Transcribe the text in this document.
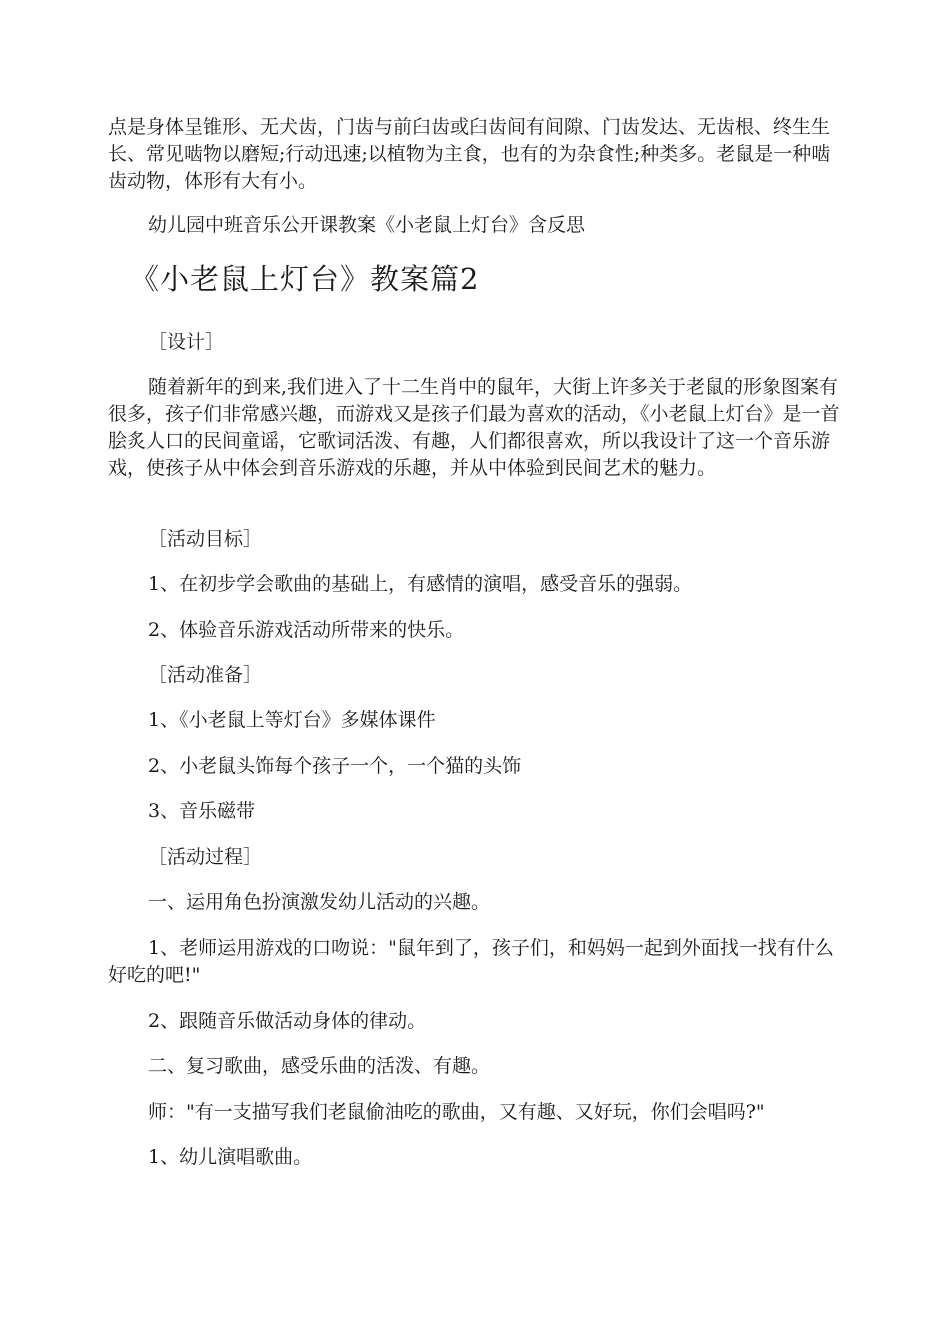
点是身体呈锥形、无犬齿，门齿与前臼齿或臼齿间有间隙、门齿发达、无齿根、终生生长、常见啮物以磨短;行动迅速;以植物为主食，也有的为杂食性;种类多。老鼠是一种啮齿动物，体形有大有小。
幼儿园中班音乐公开课教案《小老鼠上灯台》含反思
《小老鼠上灯台》教案篇2
［设计］
随着新年的到来,我们进入了十二生肖中的鼠年，大街上许多关于老鼠的形象图案有很多，孩子们非常感兴趣，而游戏又是孩子们最为喜欢的活动，《小老鼠上灯台》是一首脍炙人口的民间童谣，它歌词活泼、有趣，人们都很喜欢，所以我设计了这一个音乐游戏，使孩子从中体会到音乐游戏的乐趣，并从中体验到民间艺术的魅力。
［活动目标］
1、在初步学会歌曲的基础上，有感情的演唱，感受音乐的强弱。
2、体验音乐游戏活动所带来的快乐。
［活动准备］
1、《小老鼠上等灯台》多媒体课件
2、小老鼠头饰每个孩子一个，一个猫的头饰
3、音乐磁带
［活动过程］
一、运用角色扮演激发幼儿活动的兴趣。
1、老师运用游戏的口吻说："鼠年到了，孩子们，和妈妈一起到外面找一找有什么好吃的吧!"
2、跟随音乐做活动身体的律动。
二、复习歌曲，感受乐曲的活泼、有趣。
师："有一支描写我们老鼠偷油吃的歌曲，又有趣、又好玩，你们会唱吗?"
1、幼儿演唱歌曲。
